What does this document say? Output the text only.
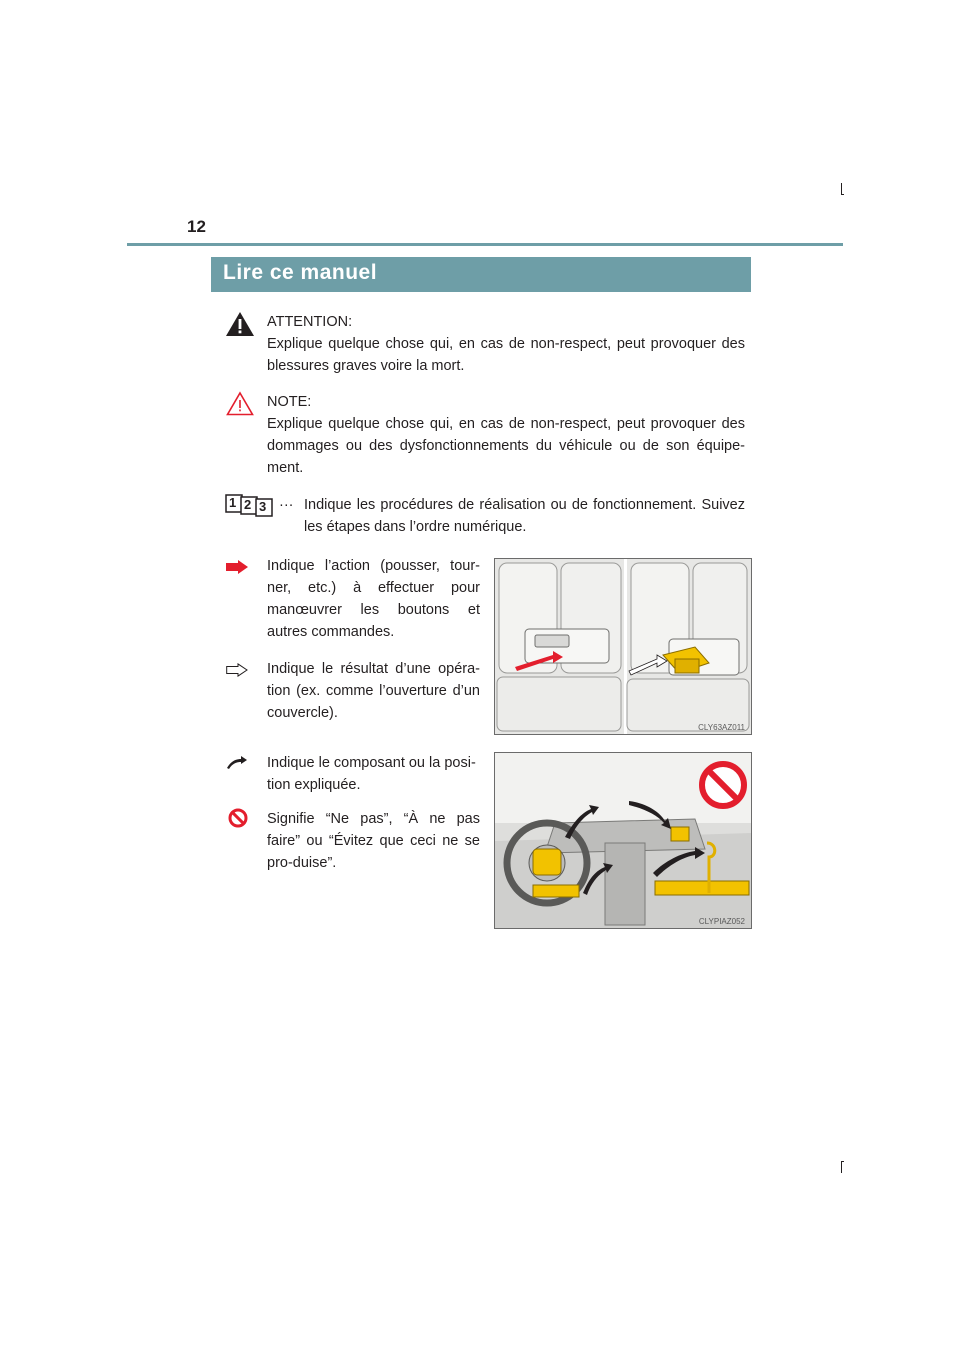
12
Lire ce manuel
ATTENTION:
Explique quelque chose qui, en cas de non-respect, peut provoquer des blessures graves voire la mort.
NOTE:
Explique quelque chose qui, en cas de non-respect, peut provoquer des dommages ou des dysfonctionnements du véhicule ou de son équipe-ment.
1 2 3 ··· Indique les procédures de réalisation ou de fonctionnement. Suivez les étapes dans l’ordre numérique.
Indique l’action (pousser, tour-ner, etc.) à effectuer pour manœuvrer les boutons et autres commandes.
Indique le résultat d’une opéra-tion (ex. comme l’ouverture d’un couvercle).
Indique le composant ou la posi-tion expliquée.
Signifie “Ne pas”, “À ne pas faire” ou “Évitez que ceci ne se pro-duise”.
CLY63AZ011
CLYPIAZ052
